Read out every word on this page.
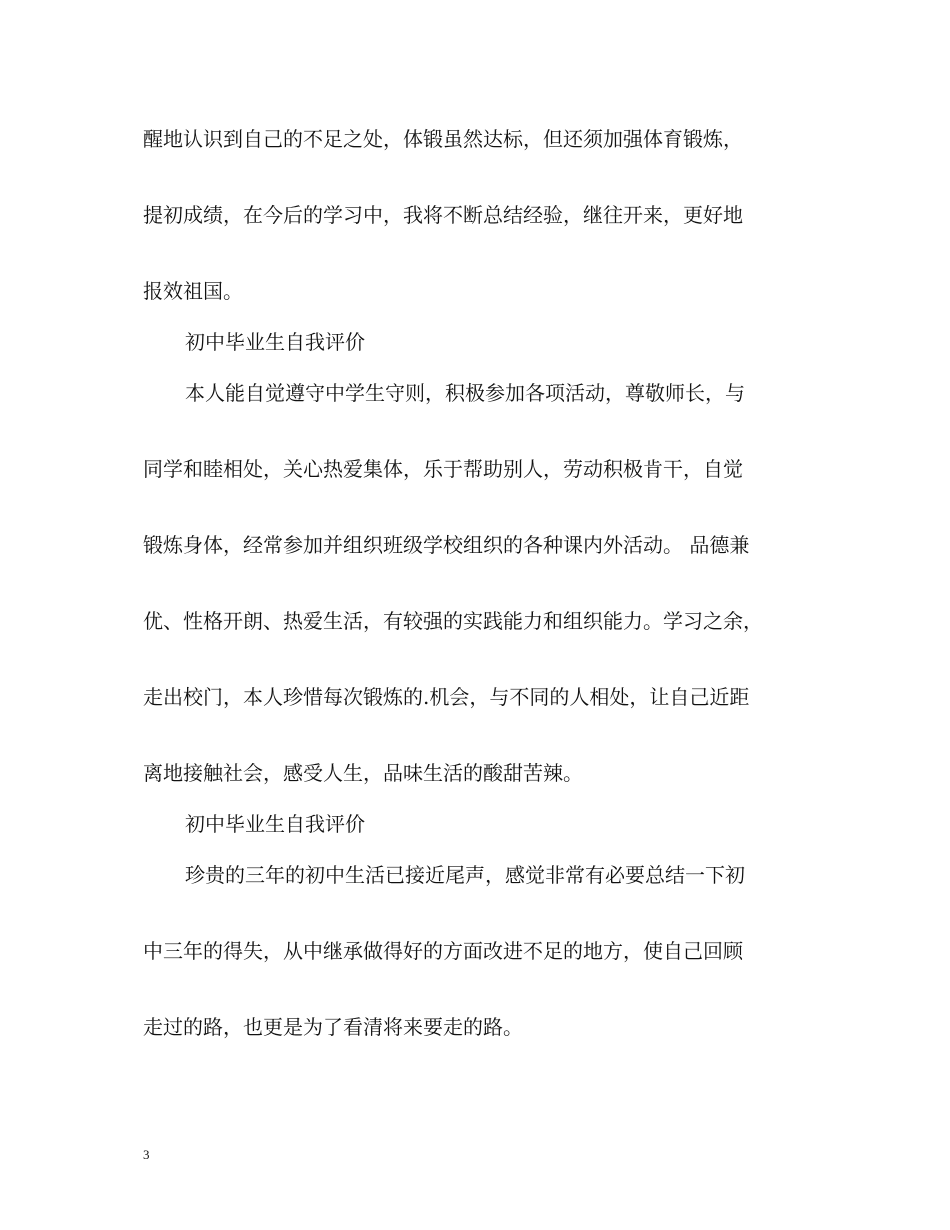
醒地认识到自己的不足之处，体锻虽然达标，但还须加强体育锻炼，

提初成绩，在今后的学习中，我将不断总结经验，继往开来，更好地

报效祖国。

初中毕业生自我评价

本人能自觉遵守中学生守则，积极参加各项活动，尊敬师长，与

同学和睦相处，关心热爱集体，乐于帮助别人，劳动积极肯干，自觉

锻炼身体，经常参加并组织班级学校组织的各种课内外活动。 品德兼

优、性格开朗、热爱生活，有较强的实践能力和组织能力。学习之余，

走出校门，本人珍惜每次锻炼的.机会，与不同的人相处，让自己近距

离地接触社会，感受人生，品味生活的酸甜苦辣。

初中毕业生自我评价

珍贵的三年的初中生活已接近尾声，感觉非常有必要总结一下初

中三年的得失，从中继承做得好的方面改进不足的地方，使自己回顾

走过的路，也更是为了看清将来要走的路。

3
